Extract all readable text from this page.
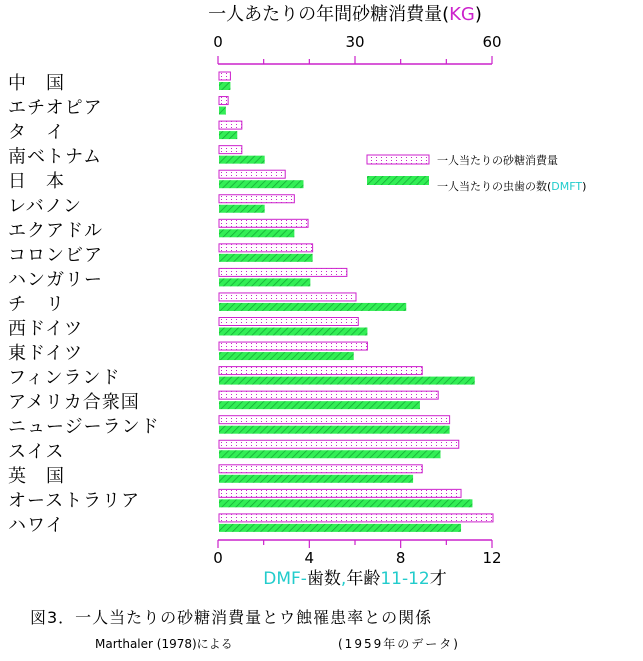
一人あたりの年間砂糖消費量(KG)
0	30	60
0	4	8	12
中　国
エチオピア
タ　イ
南ベトナム
日　本
レバノン
エクアドル
コロンビア
ハンガリー
チ　リ
西ドイツ
東ドイツ
フィンランド
アメリカ合衆国
ニュージーランド
スイス
英　国
オーストラリア
ハワイ
一人当たりの砂糖消費量
一人当たりの虫歯の数(DMFT)
DMF-歯数,年齢11-12才
図3．一人当たりの砂糖消費量とウ蝕罹患率との関係
Marthaler (1978)による	(1959年のデータ)
